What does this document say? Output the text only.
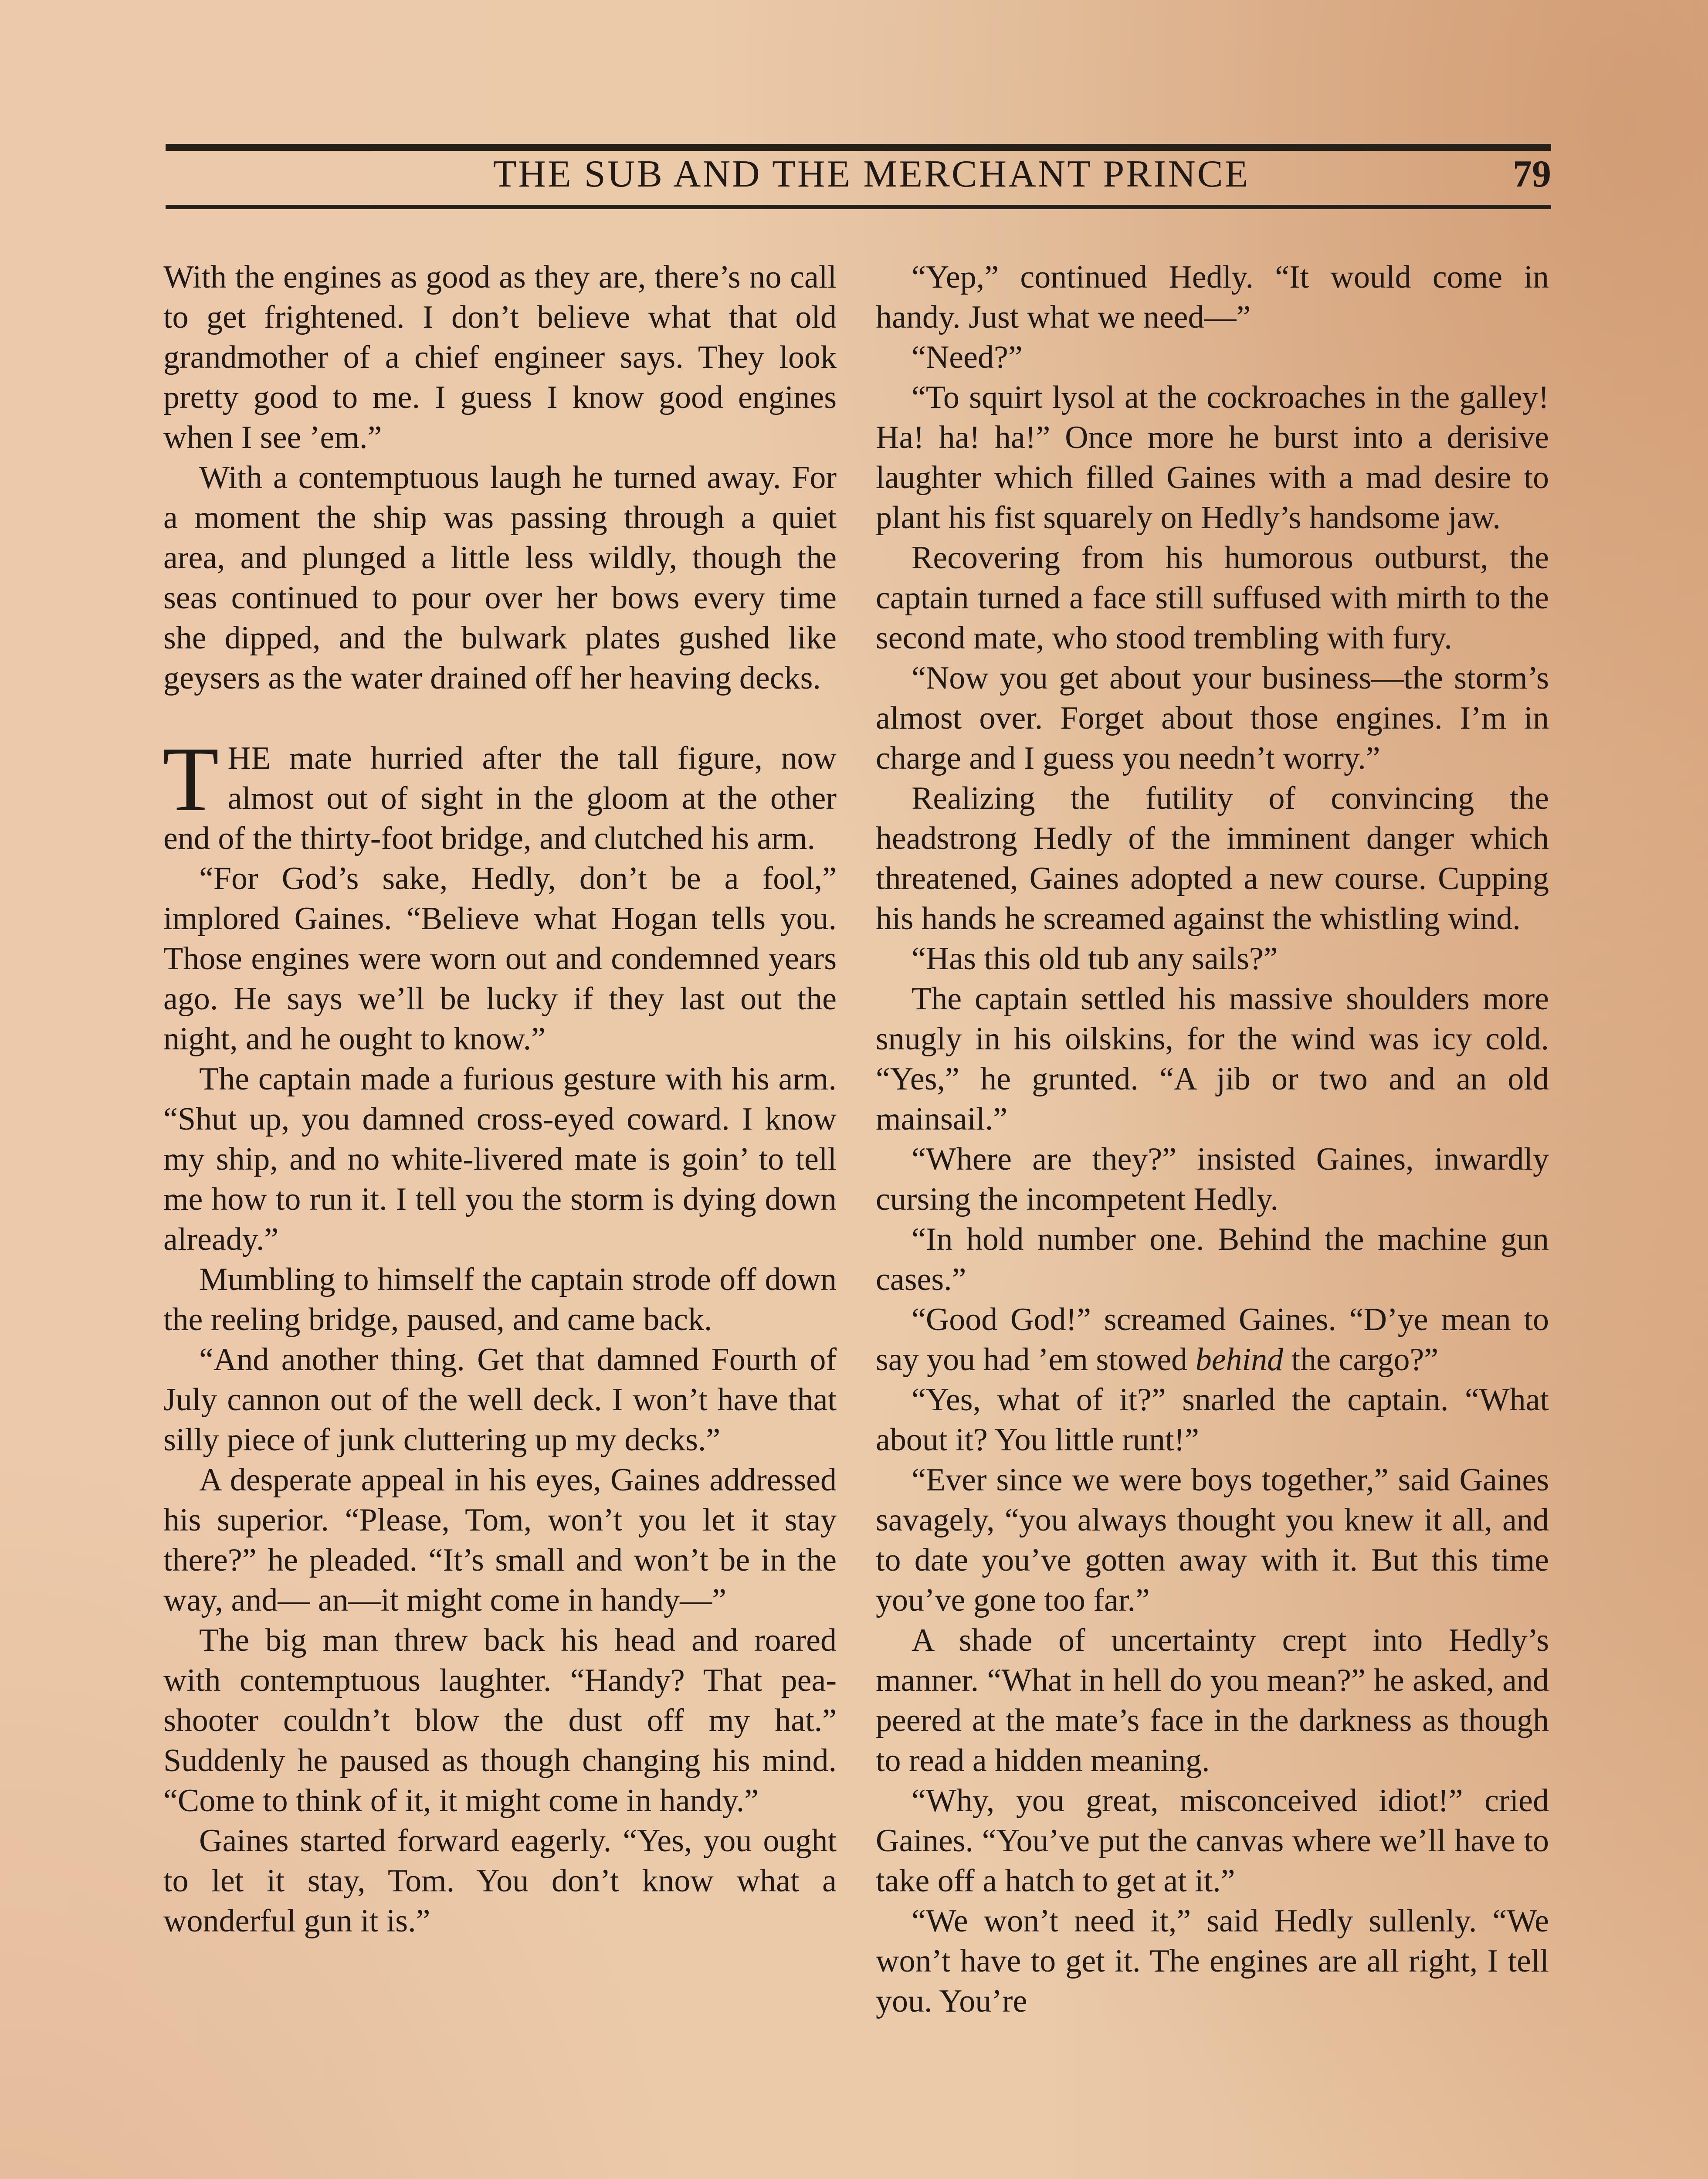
THE SUB AND THE MERCHANT PRINCE	79

With the engines as good as they are, there’s no call to get frightened. I don’t believe what that old grandmother of a chief engineer says. They look pretty good to me. I guess I know good engines when I see ’em.”

With a contemptuous laugh he turned away. For a moment the ship was passing through a quiet area, and plunged a little less wildly, though the seas continued to pour over her bows every time she dipped, and the bulwark plates gushed like geysers as the water drained off her heaving decks.

THE mate hurried after the tall figure, now almost out of sight in the gloom at the other end of the thirty-foot bridge, and clutched his arm.

“For God’s sake, Hedly, don’t be a fool,” implored Gaines. “Believe what Hogan tells you. Those engines were worn out and condemned years ago. He says we’ll be lucky if they last out the night, and he ought to know.”

The captain made a furious gesture with his arm. “Shut up, you damned cross-eyed coward. I know my ship, and no white-livered mate is goin’ to tell me how to run it. I tell you the storm is dying down already.”

Mumbling to himself the captain strode off down the reeling bridge, paused, and came back.

“And another thing. Get that damned Fourth of July cannon out of the well deck. I won’t have that silly piece of junk cluttering up my decks.”

A desperate appeal in his eyes, Gaines addressed his superior. “Please, Tom, won’t you let it stay there?” he pleaded. “It’s small and won’t be in the way, and— an—it might come in handy—”

The big man threw back his head and roared with contemptuous laughter. “Handy? That pea-shooter couldn’t blow the dust off my hat.” Suddenly he paused as though changing his mind. “Come to think of it, it might come in handy.”

Gaines started forward eagerly. “Yes, you ought to let it stay, Tom. You don’t know what a wonderful gun it is.”

“Yep,” continued Hedly. “It would come in handy. Just what we need—”

“Need?”

“To squirt lysol at the cockroaches in the galley! Ha! ha! ha!” Once more he burst into a derisive laughter which filled Gaines with a mad desire to plant his fist squarely on Hedly’s handsome jaw.

Recovering from his humorous outburst, the captain turned a face still suffused with mirth to the second mate, who stood trembling with fury.

“Now you get about your business—the storm’s almost over. Forget about those engines. I’m in charge and I guess you needn’t worry.”

Realizing the futility of convincing the headstrong Hedly of the imminent danger which threatened, Gaines adopted a new course. Cupping his hands he screamed against the whistling wind.

“Has this old tub any sails?”

The captain settled his massive shoulders more snugly in his oilskins, for the wind was icy cold. “Yes,” he grunted. “A jib or two and an old mainsail.”

“Where are they?” insisted Gaines, inwardly cursing the incompetent Hedly.

“In hold number one. Behind the machine gun cases.”

“Good God!” screamed Gaines. “D’ye mean to say you had ’em stowed behind the cargo?”

“Yes, what of it?” snarled the captain. “What about it? You little runt!”

“Ever since we were boys together,” said Gaines savagely, “you always thought you knew it all, and to date you’ve gotten away with it. But this time you’ve gone too far.”

A shade of uncertainty crept into Hedly’s manner. “What in hell do you mean?” he asked, and peered at the mate’s face in the darkness as though to read a hidden meaning.

“Why, you great, misconceived idiot!” cried Gaines. “You’ve put the canvas where we’ll have to take off a hatch to get at it.”

“We won’t need it,” said Hedly sullenly. “We won’t have to get it. The engines are all right, I tell you. You’re
